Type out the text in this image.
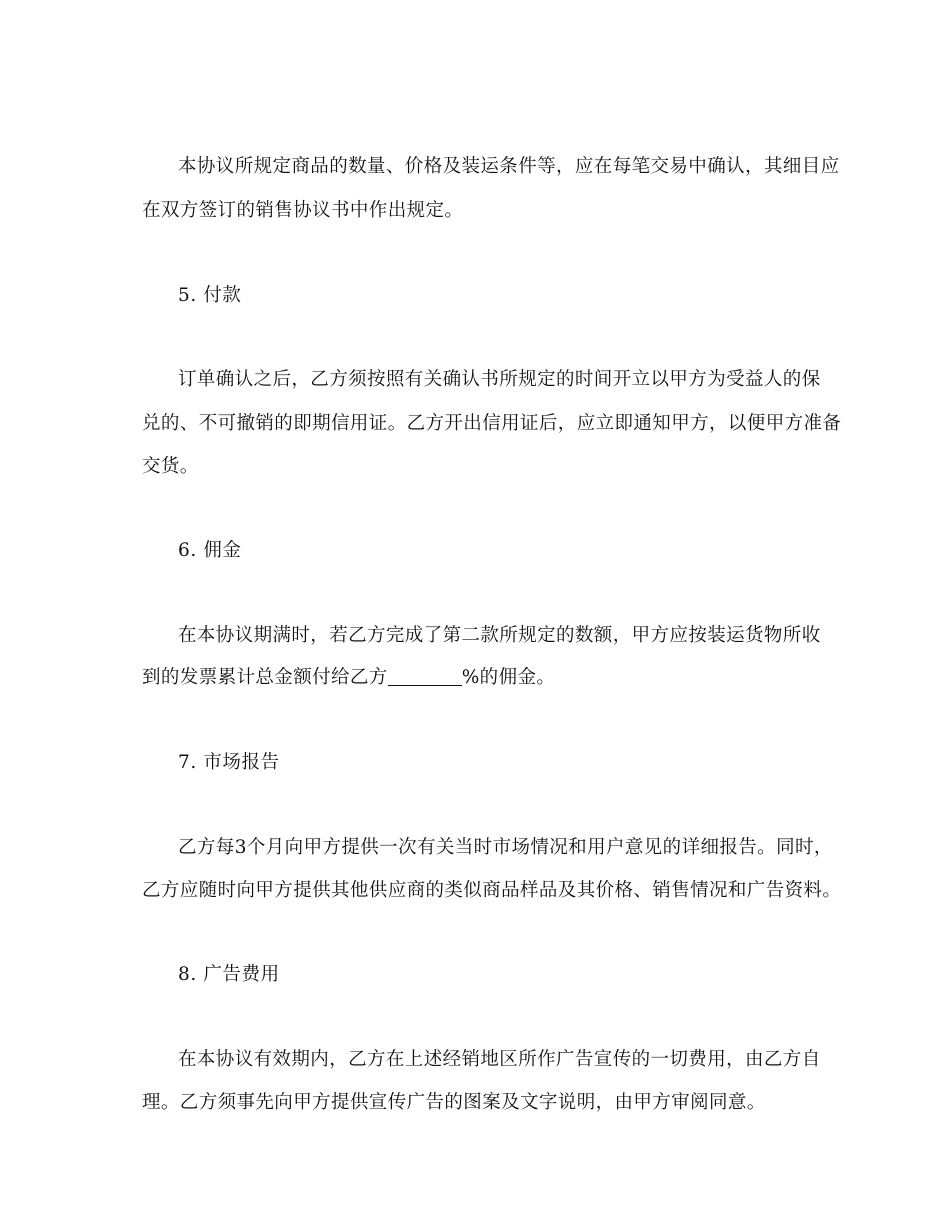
本协议所规定商品的数量、价格及装运条件等，应在每笔交易中确认，其细目应
在双方签订的销售协议书中作出规定。
5. 付款
订单确认之后，乙方须按照有关确认书所规定的时间开立以甲方为受益人的保
兑的、不可撤销的即期信用证。乙方开出信用证后，应立即通知甲方，以便甲方准备
交货。
6. 佣金
在本协议期满时，若乙方完成了第二款所规定的数额，甲方应按装运货物所收
到的发票累计总金额付给乙方	%的佣金。
7. 市场报告
乙方每3个月向甲方提供一次有关当时市场情况和用户意见的详细报告。同时，
乙方应随时向甲方提供其他供应商的类似商品样品及其价格、销售情况和广告资料。
8. 广告费用
在本协议有效期内，乙方在上述经销地区所作广告宣传的一切费用，由乙方自
理。乙方须事先向甲方提供宣传广告的图案及文字说明，由甲方审阅同意。
